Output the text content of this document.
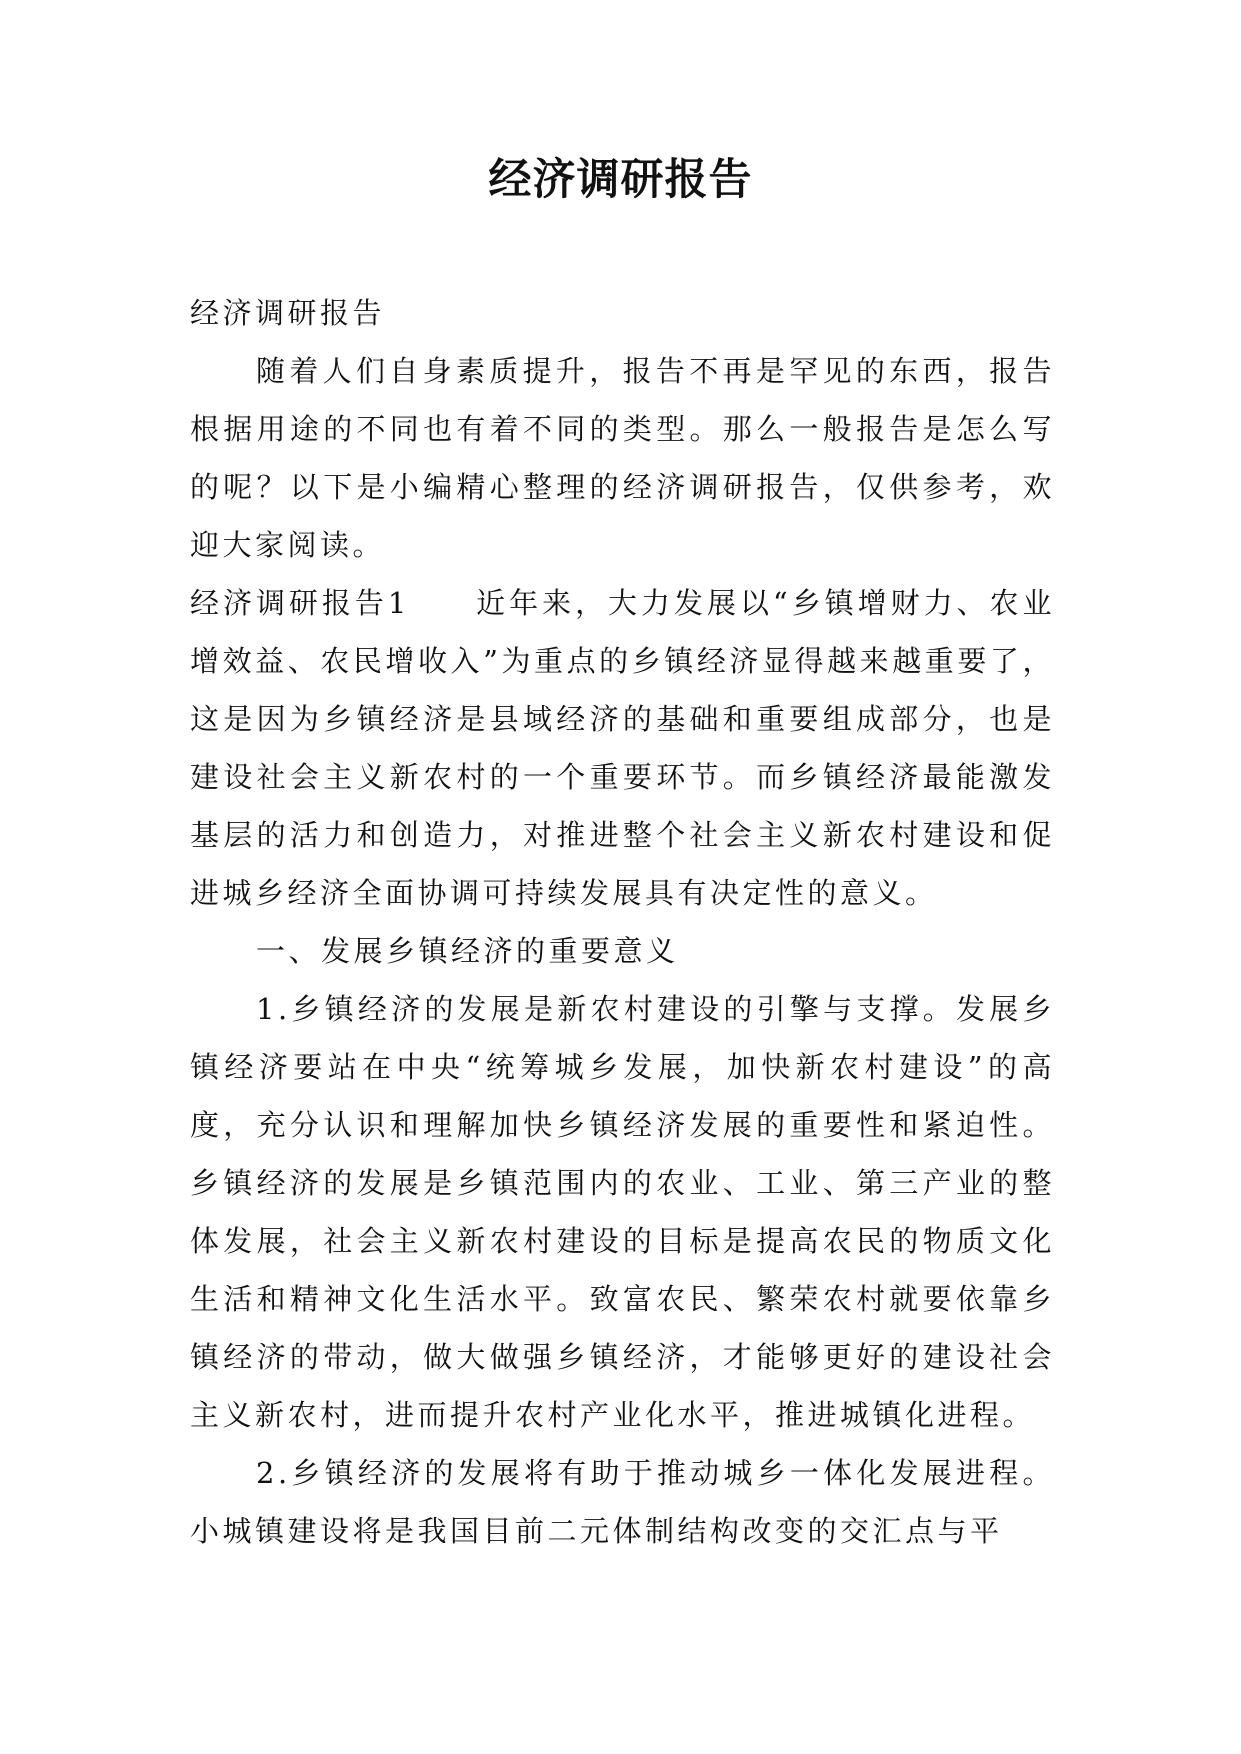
经济调研报告

经济调研报告

随着人们自身素质提升，报告不再是罕见的东西，报告根据用途的不同也有着不同的类型。那么一般报告是怎么写的呢？以下是小编精心整理的经济调研报告，仅供参考，欢迎大家阅读。

经济调研报告1　　近年来，大力发展以“乡镇增财力、农业增效益、农民增收入”为重点的乡镇经济显得越来越重要了，这是因为乡镇经济是县域经济的基础和重要组成部分，也是建设社会主义新农村的一个重要环节。而乡镇经济最能激发基层的活力和创造力，对推进整个社会主义新农村建设和促进城乡经济全面协调可持续发展具有决定性的意义。

一、发展乡镇经济的重要意义

1.乡镇经济的发展是新农村建设的引擎与支撑。发展乡镇经济要站在中央“统筹城乡发展，加快新农村建设”的高度，充分认识和理解加快乡镇经济发展的重要性和紧迫性。乡镇经济的发展是乡镇范围内的农业、工业、第三产业的整体发展，社会主义新农村建设的目标是提高农民的物质文化生活和精神文化生活水平。致富农民、繁荣农村就要依靠乡镇经济的带动，做大做强乡镇经济，才能够更好的建设社会主义新农村，进而提升农村产业化水平，推进城镇化进程。

2.乡镇经济的发展将有助于推动城乡一体化发展进程。小城镇建设将是我国目前二元体制结构改变的交汇点与平
